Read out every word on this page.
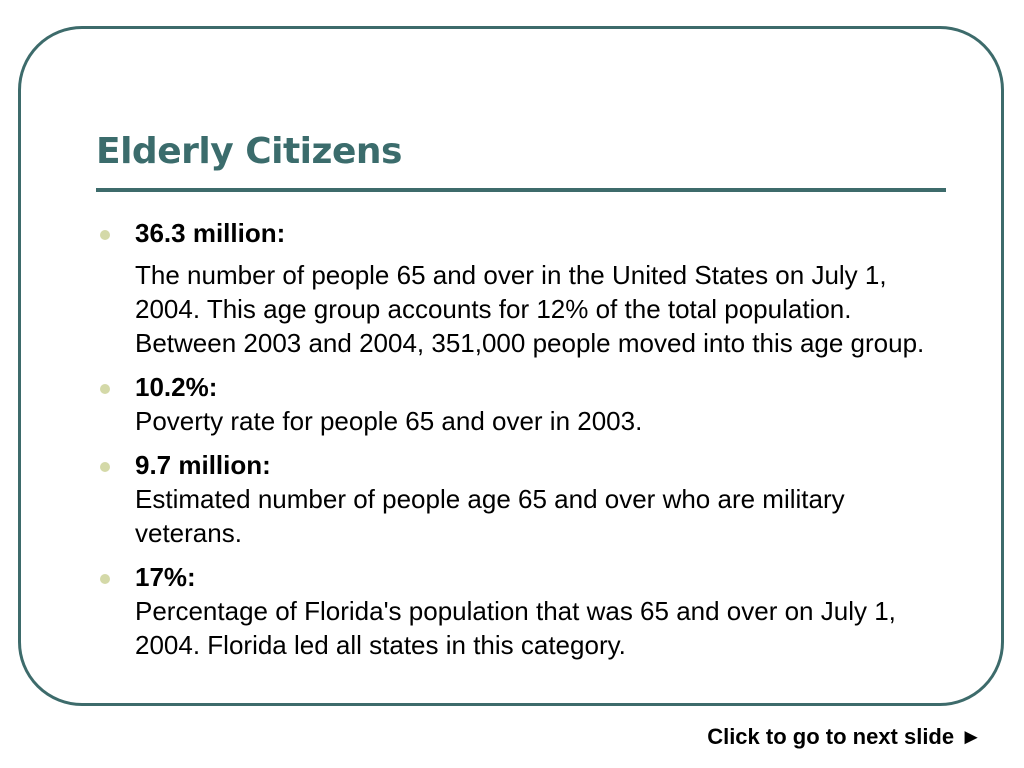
Elderly Citizens
36.3 million:
The number of people 65 and over in the United States on July 1, 2004. This age group accounts for 12% of the total population. Between 2003 and 2004, 351,000 people moved into this age group.
10.2%:
Poverty rate for people 65 and over in 2003.
9.7 million:
Estimated number of people age 65 and over who are military veterans.
17%:
Percentage of Florida's population that was 65 and over on July 1, 2004. Florida led all states in this category.
Click to go to next slide ►
